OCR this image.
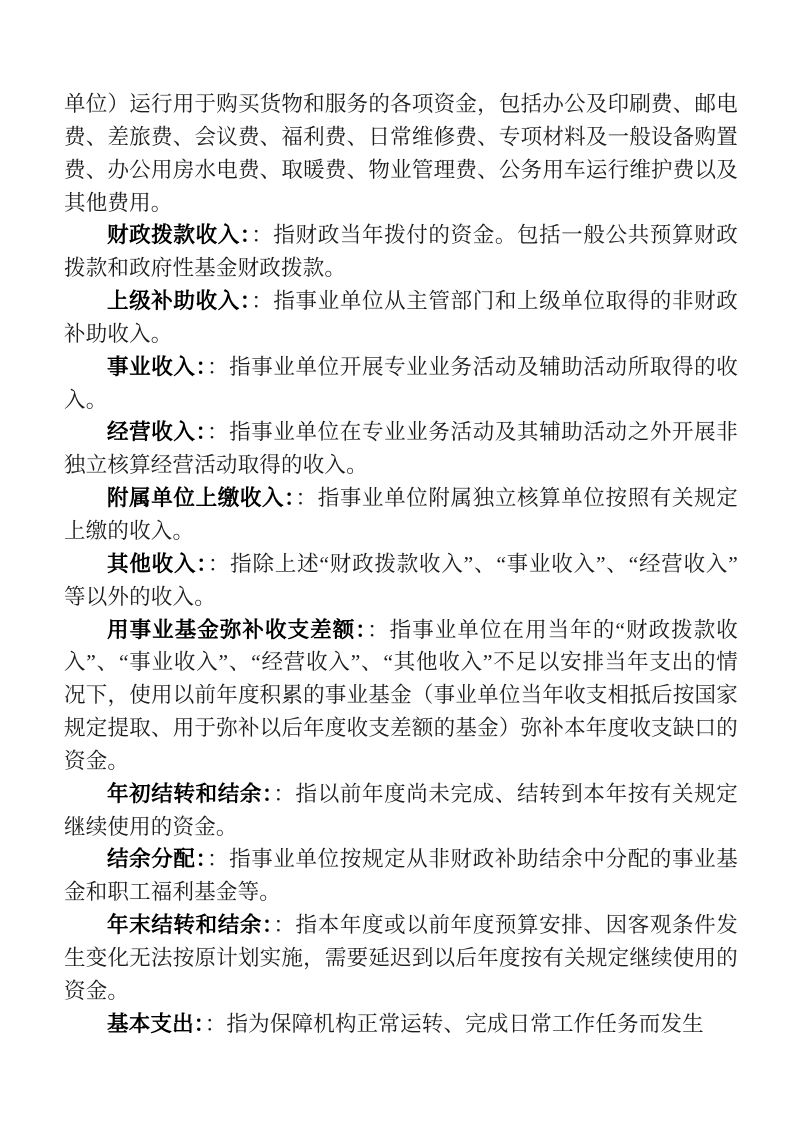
单位）运行用于购买货物和服务的各项资金，包括办公及印刷费、邮电费、差旅费、会议费、福利费、日常维修费、专项材料及一般设备购置费、办公用房水电费、取暖费、物业管理费、公务用车运行维护费以及其他费用。

财政拨款收入：：指财政当年拨付的资金。包括一般公共预算财政拨款和政府性基金财政拨款。

上级补助收入：：指事业单位从主管部门和上级单位取得的非财政补助收入。

事业收入：：指事业单位开展专业业务活动及辅助活动所取得的收入。

经营收入：：指事业单位在专业业务活动及其辅助活动之外开展非独立核算经营活动取得的收入。

附属单位上缴收入：：指事业单位附属独立核算单位按照有关规定上缴的收入。

其他收入：：指除上述“财政拨款收入”、“事业收入”、“经营收入”等以外的收入。

用事业基金弥补收支差额：：指事业单位在用当年的“财政拨款收入”、“事业收入”、“经营收入”、“其他收入”不足以安排当年支出的情况下，使用以前年度积累的事业基金（事业单位当年收支相抵后按国家规定提取、用于弥补以后年度收支差额的基金）弥补本年度收支缺口的资金。

年初结转和结余：：指以前年度尚未完成、结转到本年按有关规定继续使用的资金。

结余分配：：指事业单位按规定从非财政补助结余中分配的事业基金和职工福利基金等。

年末结转和结余：：指本年度或以前年度预算安排、因客观条件发生变化无法按原计划实施，需要延迟到以后年度按有关规定继续使用的资金。

基本支出：：指为保障机构正常运转、完成日常工作任务而发生
